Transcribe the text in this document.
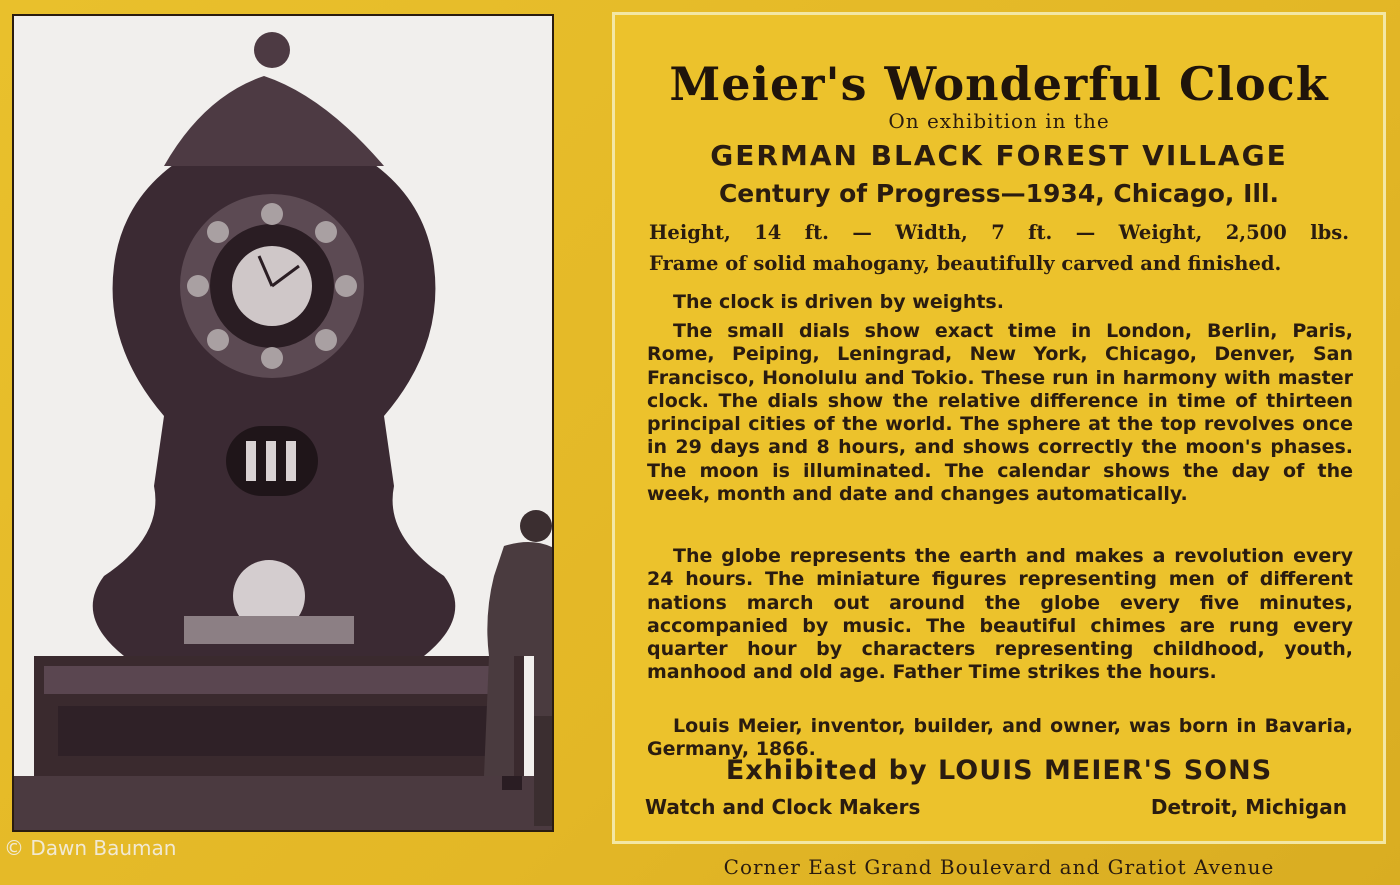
Meier's Wonderful Clock
On exhibition in the
GERMAN BLACK FOREST VILLAGE
Century of Progress—1934, Chicago, Ill.
Height, 14 ft. — Width, 7 ft. — Weight, 2,500 lbs.
Frame of solid mahogany, beautifully carved and finished.
The clock is driven by weights.
The small dials show exact time in London, Berlin, Paris, Rome, Peiping, Leningrad, New York, Chicago, Denver, San Francisco, Honolulu and Tokio. These run in harmony with master clock. The dials show the relative difference in time of thirteen principal cities of the world. The sphere at the top revolves once in 29 days and 8 hours, and shows correctly the moon's phases. The moon is illuminated. The calendar shows the day of the week, month and date and changes automatically.
The globe represents the earth and makes a revolution every 24 hours. The miniature figures representing men of different nations march out around the globe every five minutes, accompanied by music. The beautiful chimes are rung every quarter hour by characters representing childhood, youth, manhood and old age. Father Time strikes the hours.
Louis Meier, inventor, builder, and owner, was born in Bavaria, Germany, 1866.
Exhibited by LOUIS MEIER'S SONS
Watch and Clock Makers	Detroit, Michigan
Corner East Grand Boulevard and Gratiot Avenue
© Dawn Bauman
